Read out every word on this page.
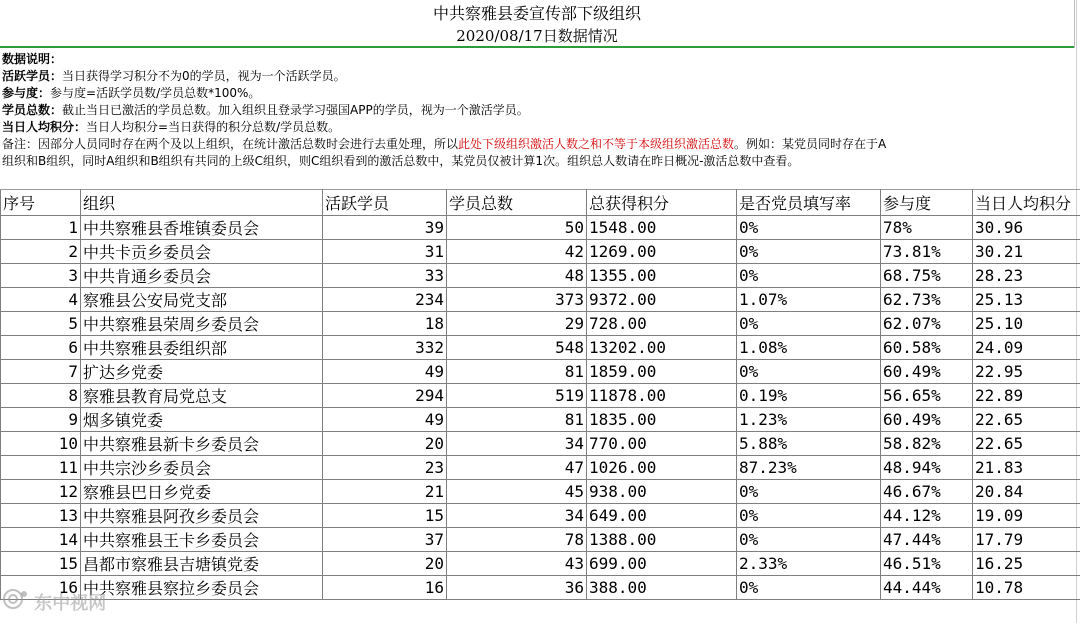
中共察雅县委宣传部下级组织
2020/08/17日数据情况
数据说明：
活跃学员：当日获得学习积分不为0的学员，视为一个活跃学员。
参与度：参与度=活跃学员数/学员总数*100%。
学员总数：截止当日已激活的学员总数。加入组织且登录学习强国APP的学员，视为一个激活学员。
当日人均积分：当日人均积分=当日获得的积分总数/学员总数。
备注：因部分人员同时存在两个及以上组织，在统计激活总数时会进行去重处理，所以此处下级组织激活人数之和不等于本级组织激活总数。例如：某党员同时存在于A
组织和B组织，同时A组织和B组织有共同的上级C组织，则C组织看到的激活总数中，某党员仅被计算1次。组织总人数请在昨日概况-激活总数中查看。
序号	组织	活跃学员	学员总数	总获得积分	是否党员填写率	参与度	当日人均积分
1	中共察雅县香堆镇委员会	39	50	1548.00	0%	78%	30.96
2	中共卡贡乡委员会	31	42	1269.00	0%	73.81%	30.21
3	中共肯通乡委员会	33	48	1355.00	0%	68.75%	28.23
4	察雅县公安局党支部	234	373	9372.00	1.07%	62.73%	25.13
5	中共察雅县荣周乡委员会	18	29	728.00	0%	62.07%	25.10
6	中共察雅县委组织部	332	548	13202.00	1.08%	60.58%	24.09
7	扩达乡党委	49	81	1859.00	0%	60.49%	22.95
8	察雅县教育局党总支	294	519	11878.00	0.19%	56.65%	22.89
9	烟多镇党委	49	81	1835.00	1.23%	60.49%	22.65
10	中共察雅县新卡乡委员会	20	34	770.00	5.88%	58.82%	22.65
11	中共宗沙乡委员会	23	47	1026.00	87.23%	48.94%	21.83
12	察雅县巴日乡党委	21	45	938.00	0%	46.67%	20.84
13	中共察雅县阿孜乡委员会	15	34	649.00	0%	44.12%	19.09
14	中共察雅县王卡乡委员会	37	78	1388.00	0%	47.44%	17.79
15	昌都市察雅县吉塘镇党委	20	43	699.00	2.33%	46.51%	16.25
16	中共察雅县察拉乡委员会	16	36	388.00	0%	44.44%	10.78
东中视网
